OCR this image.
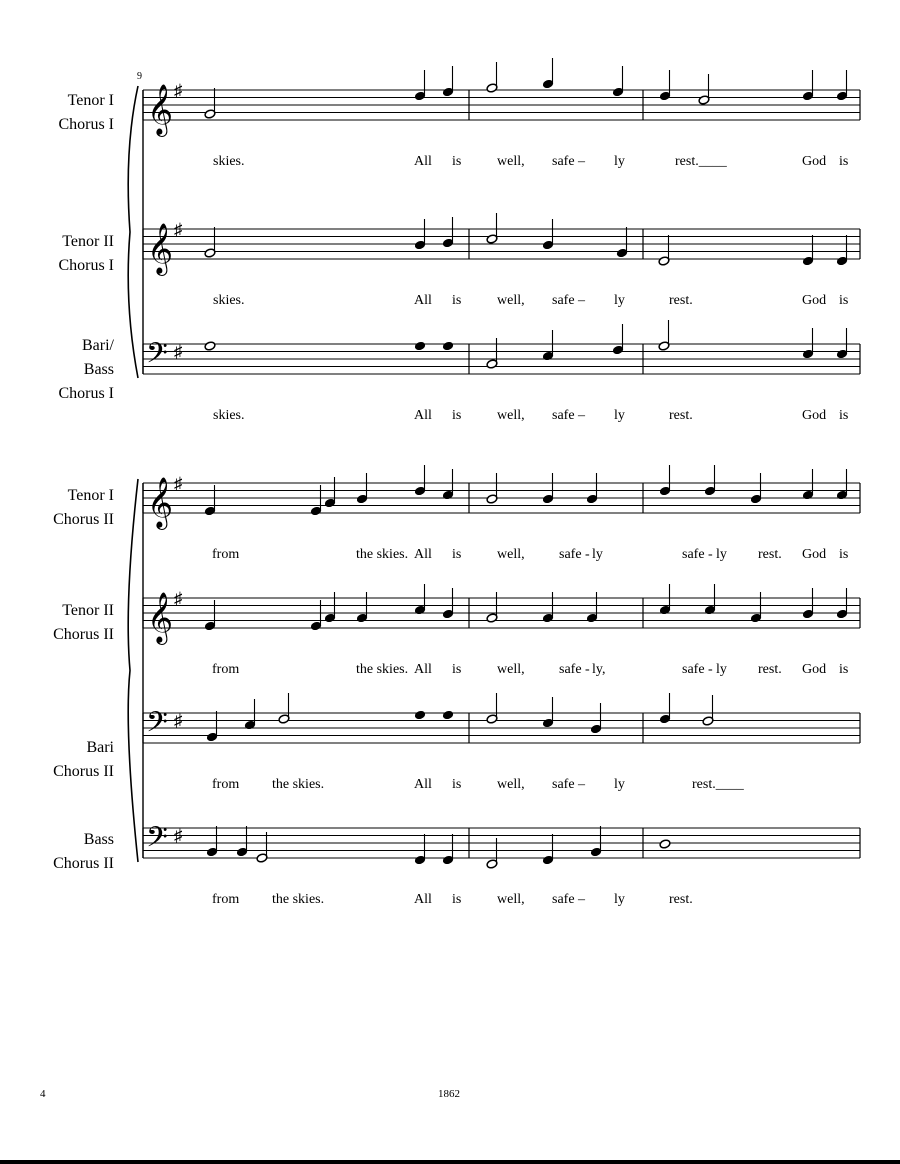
9
𝄞 ♯
skies.	All is	well, safe – ly	rest.____	God is
Tenor I
Chorus I
𝄞 ♯
skies.	All is	well, safe – ly	rest.	God is
Tenor II
Chorus I
𝄢 ♯
skies.	All is	well, safe – ly	rest.	God is
Bari/
Bass
Chorus I
𝄞 ♯
from	the skies. All is	well, safe - ly	safe - ly rest. God is
Tenor I
Chorus II
𝄞 ♯
from	the skies. All is	well, safe - ly,	safe - ly rest. God is
Tenor II
Chorus II
𝄢 ♯
from the skies.	All is	well, safe – ly	rest.____
Bari
Chorus II
𝄢 ♯
from the skies.	All is	well, safe – ly	rest.
Bass
Chorus II
4	1862
